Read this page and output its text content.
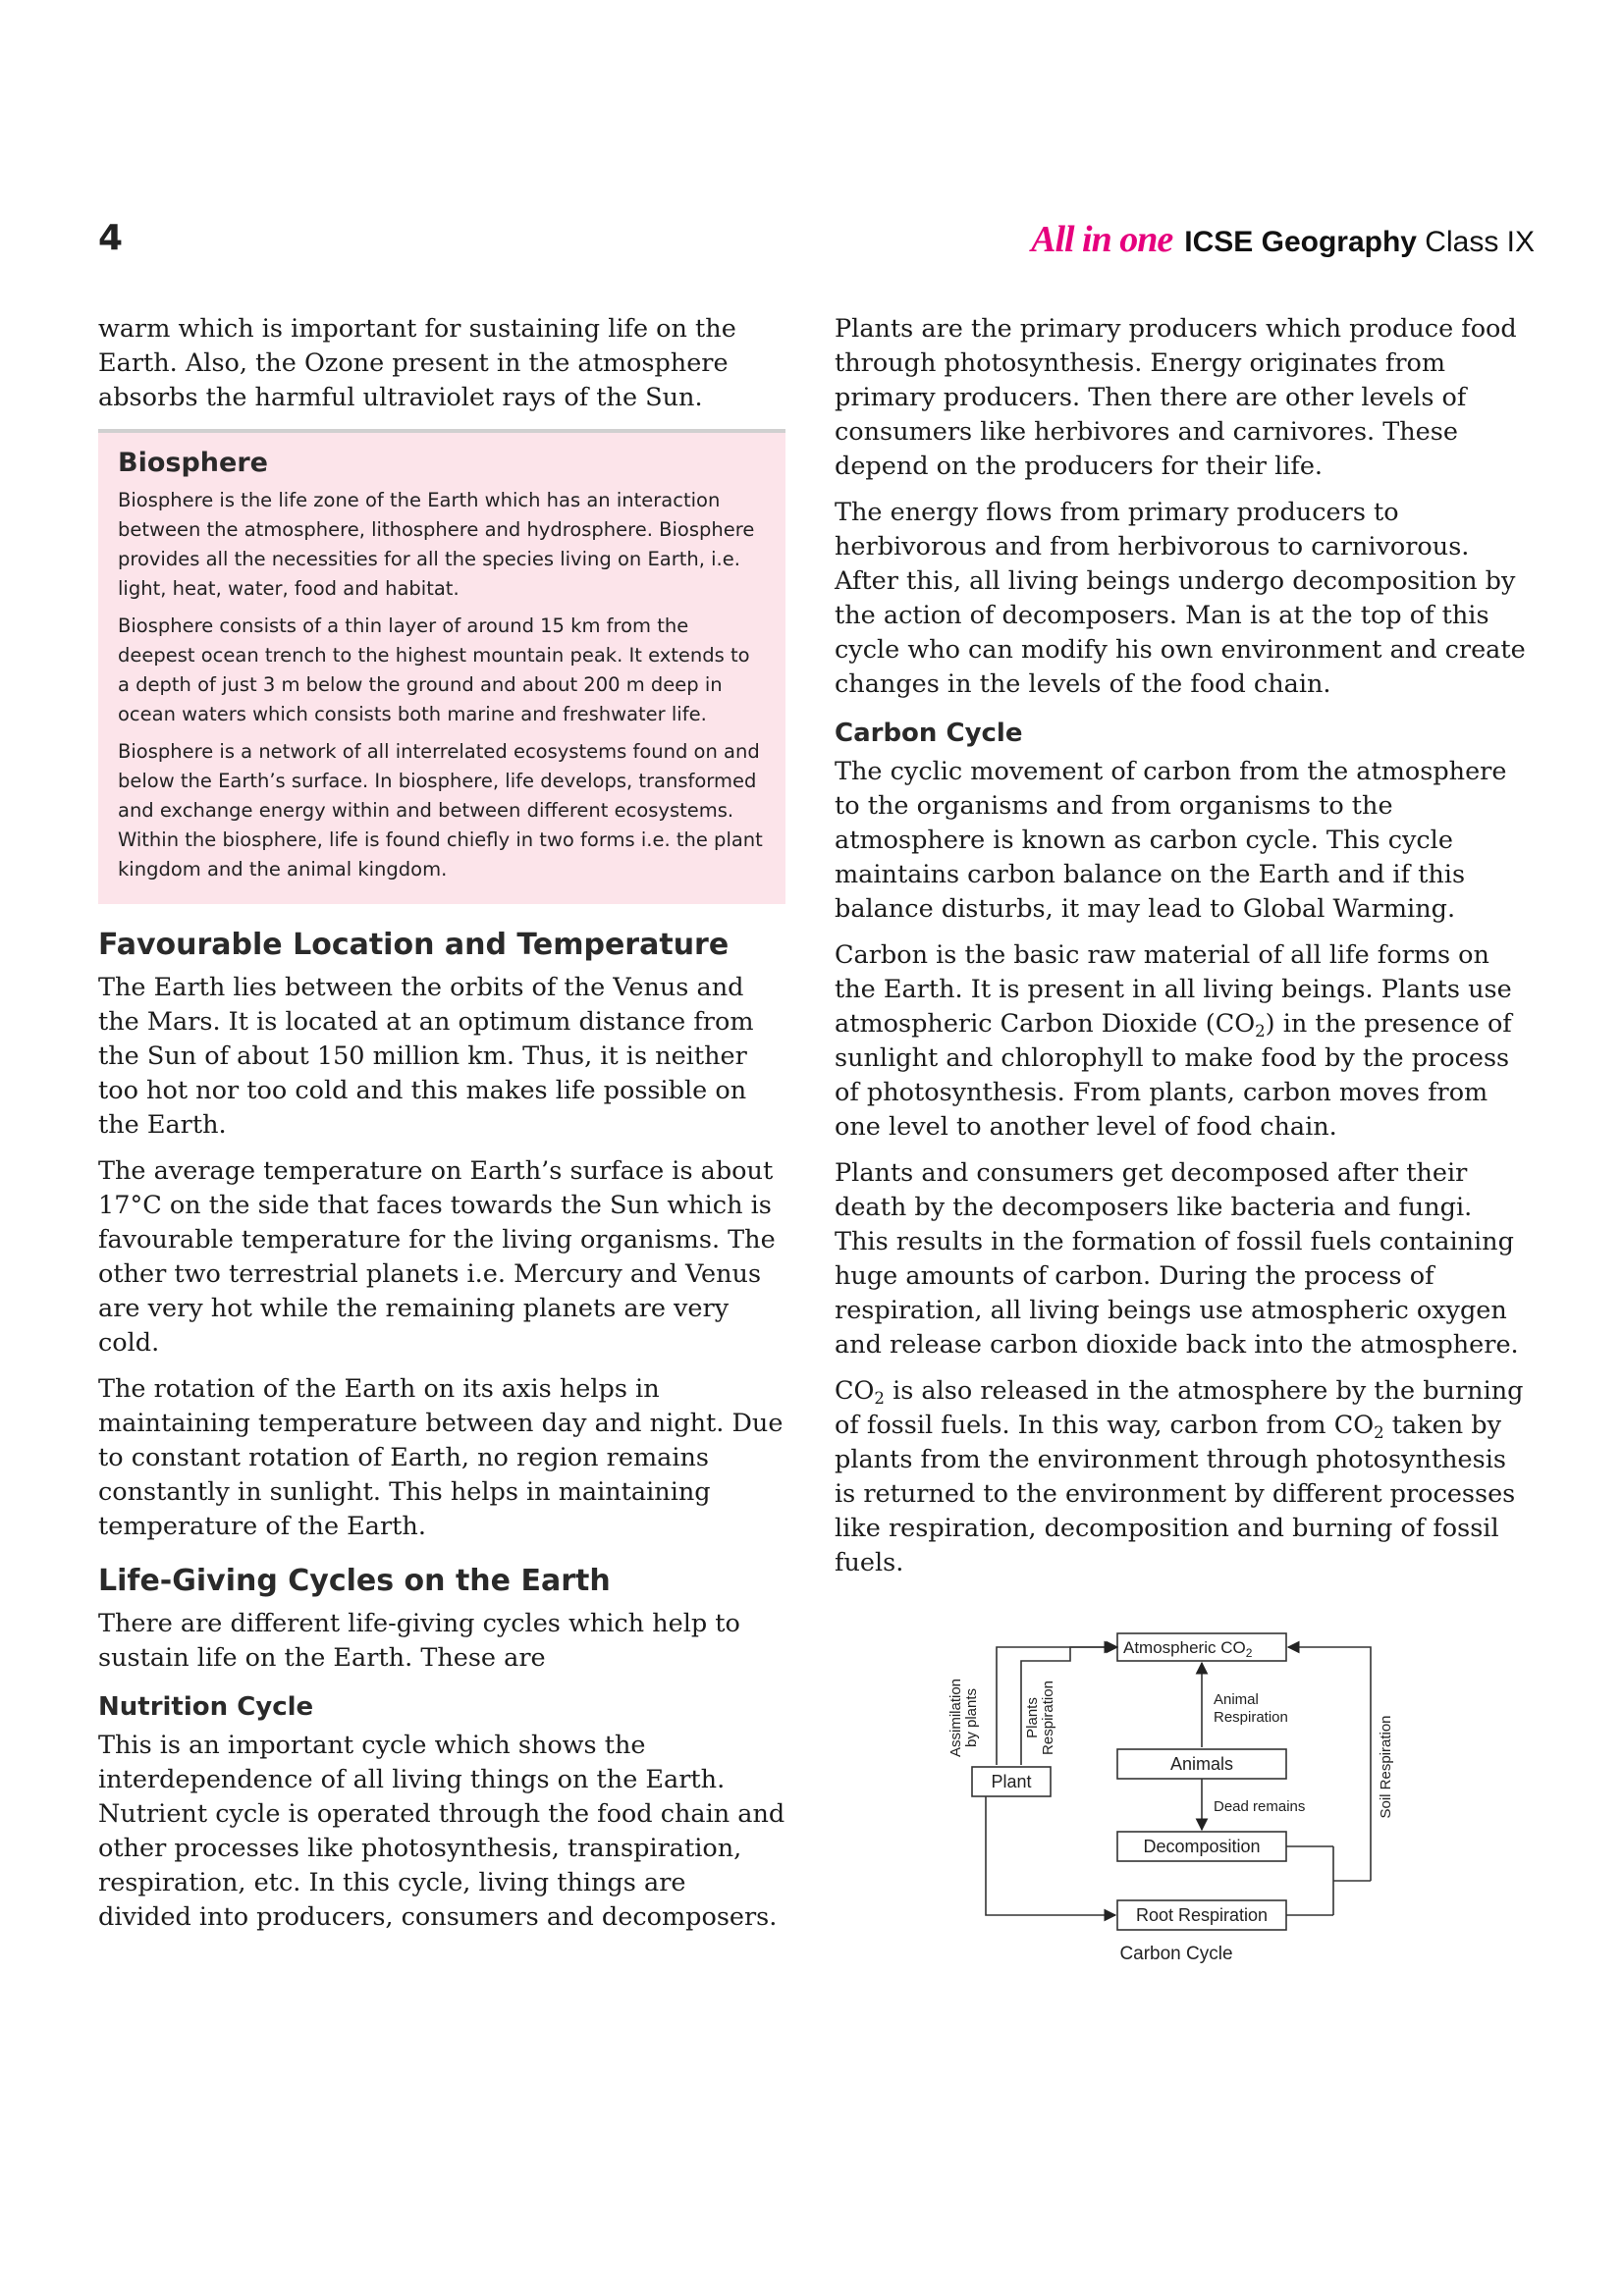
4	All in one ICSE Geography Class IX

warm which is important for sustaining life on the Earth. Also, the Ozone present in the atmosphere absorbs the harmful ultraviolet rays of the Sun.

Biosphere

Biosphere is the life zone of the Earth which has an interaction between the atmosphere, lithosphere and hydrosphere. Biosphere provides all the necessities for all the species living on Earth, i.e. light, heat, water, food and habitat.

Biosphere consists of a thin layer of around 15 km from the deepest ocean trench to the highest mountain peak. It extends to a depth of just 3 m below the ground and about 200 m deep in ocean waters which consists both marine and freshwater life.

Biosphere is a network of all interrelated ecosystems found on and below the Earth’s surface. In biosphere, life develops, transformed and exchange energy within and between different ecosystems. Within the biosphere, life is found chiefly in two forms i.e. the plant kingdom and the animal kingdom.

Favourable Location and Temperature

The Earth lies between the orbits of the Venus and the Mars. It is located at an optimum distance from the Sun of about 150 million km. Thus, it is neither too hot nor too cold and this makes life possible on the Earth.

The average temperature on Earth’s surface is about 17°C on the side that faces towards the Sun which is favourable temperature for the living organisms. The other two terrestrial planets i.e. Mercury and Venus are very hot while the remaining planets are very cold.

The rotation of the Earth on its axis helps in maintaining temperature between day and night. Due to constant rotation of Earth, no region remains constantly in sunlight. This helps in maintaining temperature of the Earth.

Life-Giving Cycles on the Earth

There are different life-giving cycles which help to sustain life on the Earth. These are

Nutrition Cycle

This is an important cycle which shows the interdependence of all living things on the Earth. Nutrient cycle is operated through the food chain and other processes like photosynthesis, transpiration, respiration, etc. In this cycle, living things are divided into producers, consumers and decomposers.

Plants are the primary producers which produce food through photosynthesis. Energy originates from primary producers. Then there are other levels of consumers like herbivores and carnivores. These depend on the producers for their life.

The energy flows from primary producers to herbivorous and from herbivorous to carnivorous. After this, all living beings undergo decomposition by the action of decomposers. Man is at the top of this cycle who can modify his own environment and create changes in the levels of the food chain.

Carbon Cycle

The cyclic movement of carbon from the atmosphere to the organisms and from organisms to the atmosphere is known as carbon cycle. This cycle maintains carbon balance on the Earth and if this balance disturbs, it may lead to Global Warming.

Carbon is the basic raw material of all life forms on the Earth. It is present in all living beings. Plants use atmospheric Carbon Dioxide $(CO_2)$ in the presence of sunlight and chlorophyll to make food by the process of photosynthesis. From plants, carbon moves from one level to another level of food chain.

Plants and consumers get decomposed after their death by the decomposers like bacteria and fungi. This results in the formation of fossil fuels containing huge amounts of carbon. During the process of respiration, all living beings use atmospheric oxygen and release carbon dioxide back into the atmosphere.

$CO_2$ is also released in the atmosphere by the burning of fossil fuels. In this way, carbon from $CO_2$ taken by plants from the environment through photosynthesis is returned to the environment by different processes like respiration, decomposition and burning of fossil fuels.

Atmospheric $CO_2$
Plant
Animals
Decomposition
Root Respiration
Assimilation by plants	Plants Respiration	Animal
Respiration
Dead remains	Soil Respiration
Carbon Cycle
